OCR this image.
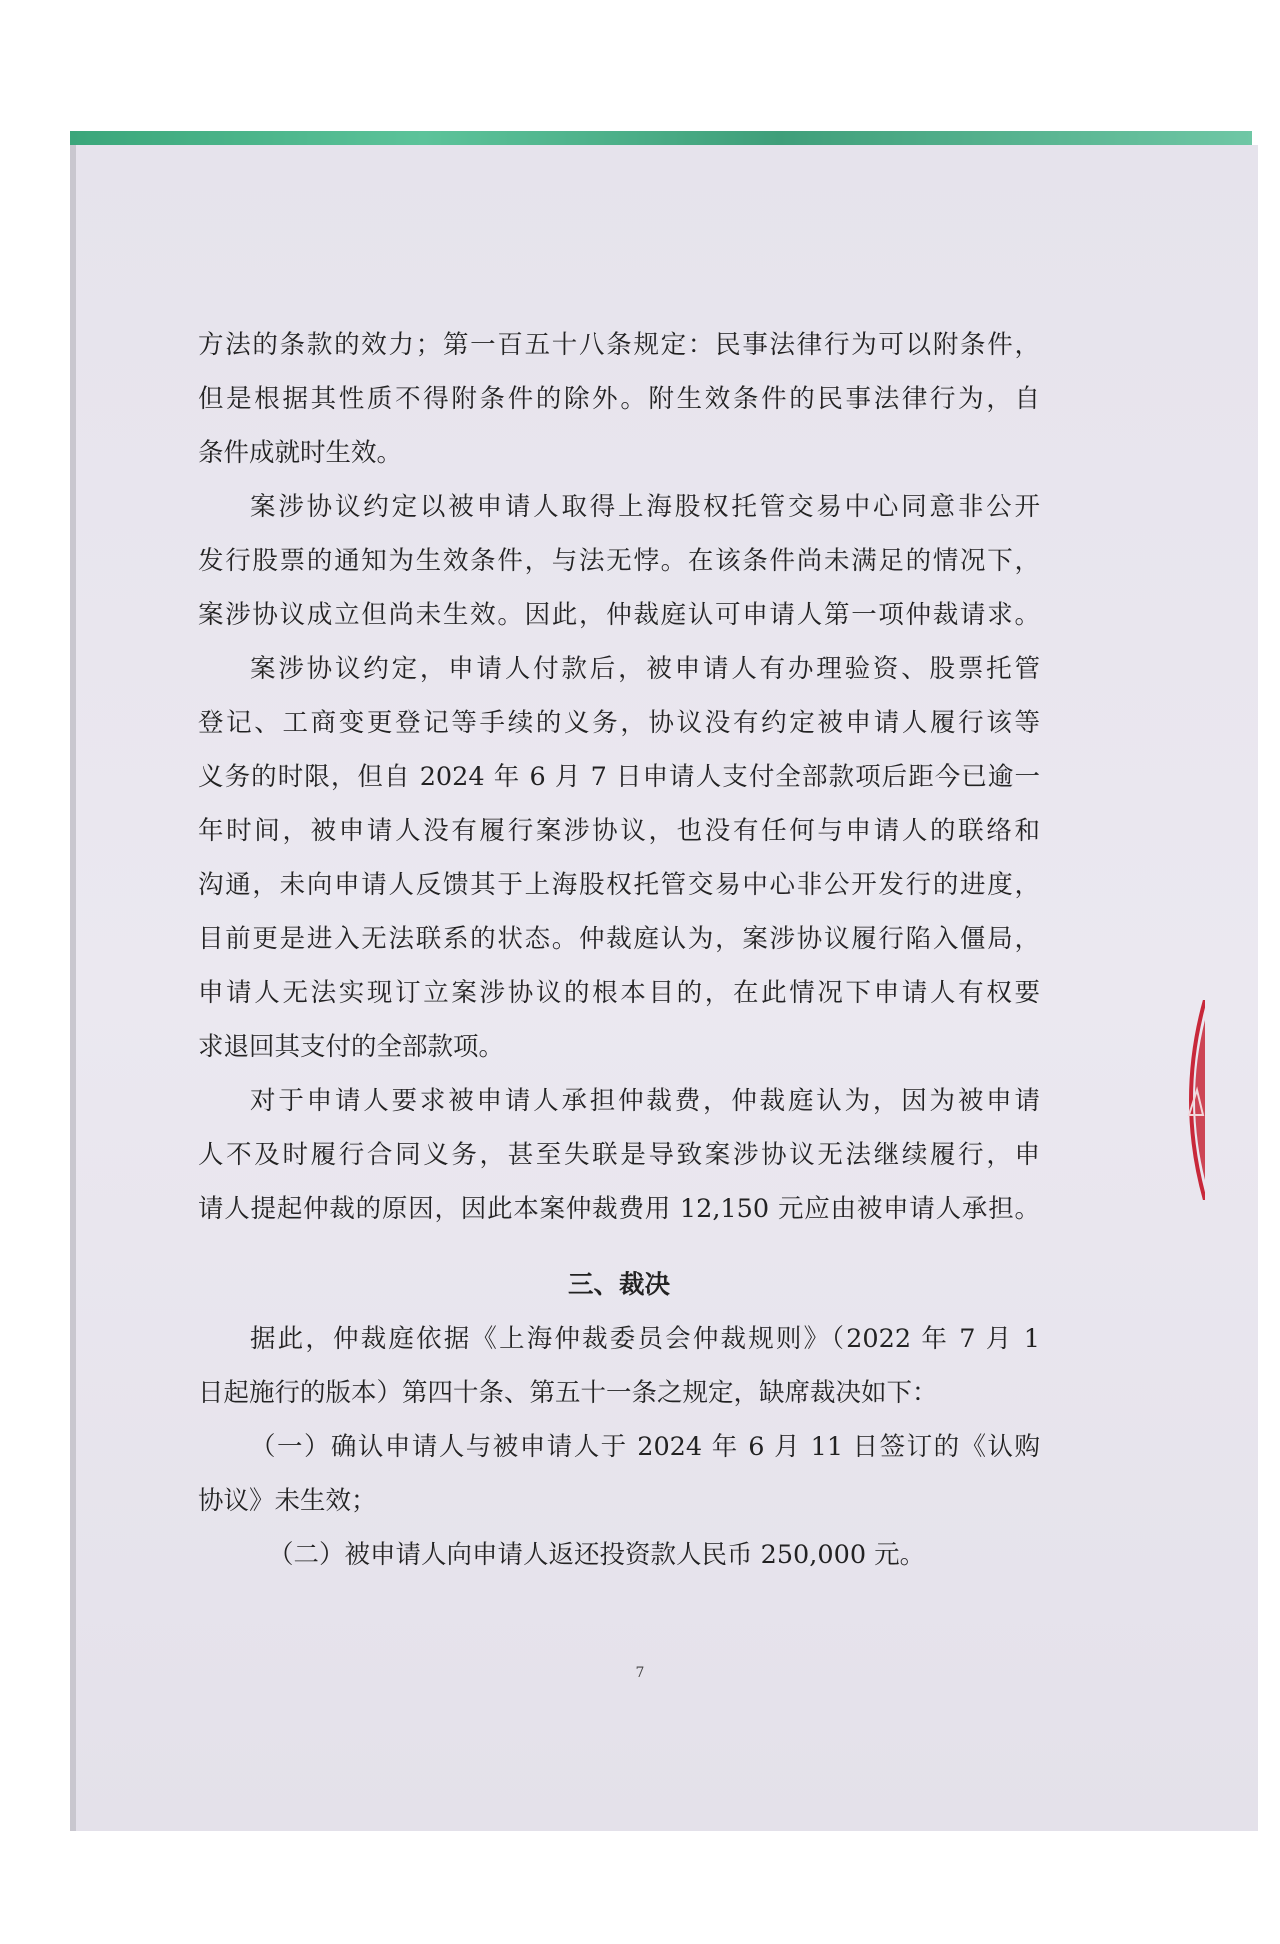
方法的条款的效力；第一百五十八条规定：民事法律行为可以附条件，
但是根据其性质不得附条件的除外。附生效条件的民事法律行为，自
条件成就时生效。
案涉协议约定以被申请人取得上海股权托管交易中心同意非公开
发行股票的通知为生效条件，与法无悖。在该条件尚未满足的情况下，
案涉协议成立但尚未生效。因此，仲裁庭认可申请人第一项仲裁请求。
案涉协议约定，申请人付款后，被申请人有办理验资、股票托管
登记、工商变更登记等手续的义务，协议没有约定被申请人履行该等
义务的时限，但自 2024 年 6 月 7 日申请人支付全部款项后距今已逾一
年时间，被申请人没有履行案涉协议，也没有任何与申请人的联络和
沟通，未向申请人反馈其于上海股权托管交易中心非公开发行的进度，
目前更是进入无法联系的状态。仲裁庭认为，案涉协议履行陷入僵局，
申请人无法实现订立案涉协议的根本目的，在此情况下申请人有权要
求退回其支付的全部款项。
对于申请人要求被申请人承担仲裁费，仲裁庭认为，因为被申请
人不及时履行合同义务，甚至失联是导致案涉协议无法继续履行，申
请人提起仲裁的原因，因此本案仲裁费用 12,150 元应由被申请人承担。
三、裁决
据此，仲裁庭依据《上海仲裁委员会仲裁规则》（2022 年 7 月 1
日起施行的版本）第四十条、第五十一条之规定，缺席裁决如下：
（一）确认申请人与被申请人于 2024 年 6 月 11 日签订的《认购
协议》未生效；
（二）被申请人向申请人返还投资款人民币 250,000 元。
7
